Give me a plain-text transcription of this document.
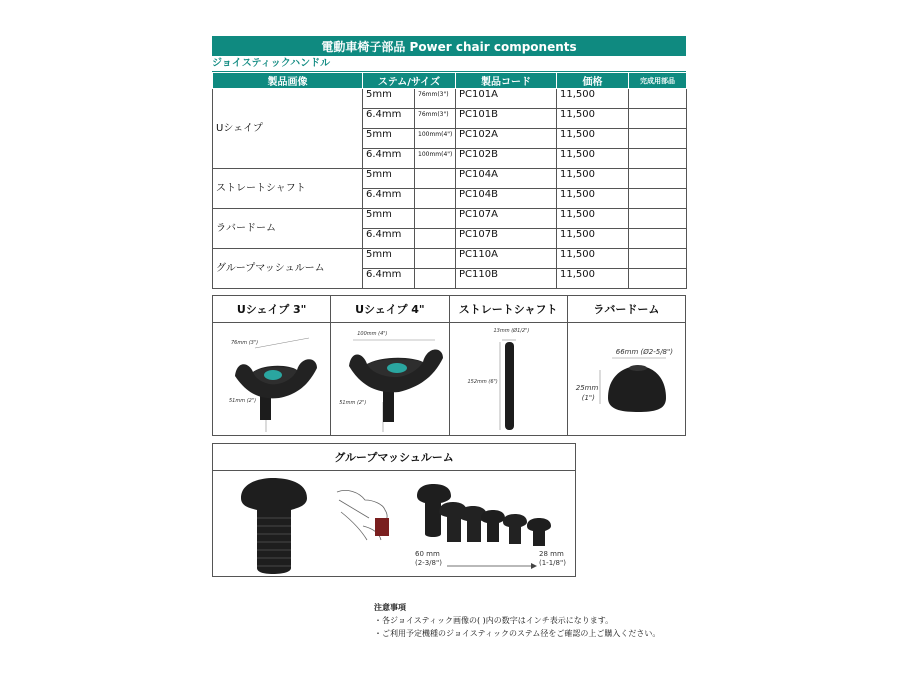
電動車椅子部品 Power chair components
ジョイスティックハンドル
製品画像	ステム/サイズ		製品コード	価格	完成用部品
Uシェイプ	5mm	76mm(3")	PC101A	11,500	
	6.4mm	76mm(3")	PC101B	11,500	
	5mm	100mm(4")	PC102A	11,500	
	6.4mm	100mm(4")	PC102B	11,500	
ストレートシャフト	5mm		PC104A	11,500	
	6.4mm		PC104B	11,500	
ラバードーム	5mm		PC107A	11,500	
	6.4mm		PC107B	11,500	
グループマッシュルーム	5mm		PC110A	11,500	
	6.4mm		PC110B	11,500	
Uシェイプ 3"
76mm (3")
51mm (2")
Uシェイプ 4"
100mm (4")
51mm (2")
ストレートシャフト
13mm (Ø1/2")
152mm (6")
ラバードーム
66mm (Ø2-5/8")
25mm
(1")
グループマッシュルーム
60 mm
(2-3/8")
28 mm
(1-1/8")
注意事項
・各ジョイスティック画像の( )内の数字はインチ表示になります。
・ご利用予定機種のジョイスティックのステム径をご確認の上ご購入ください。
